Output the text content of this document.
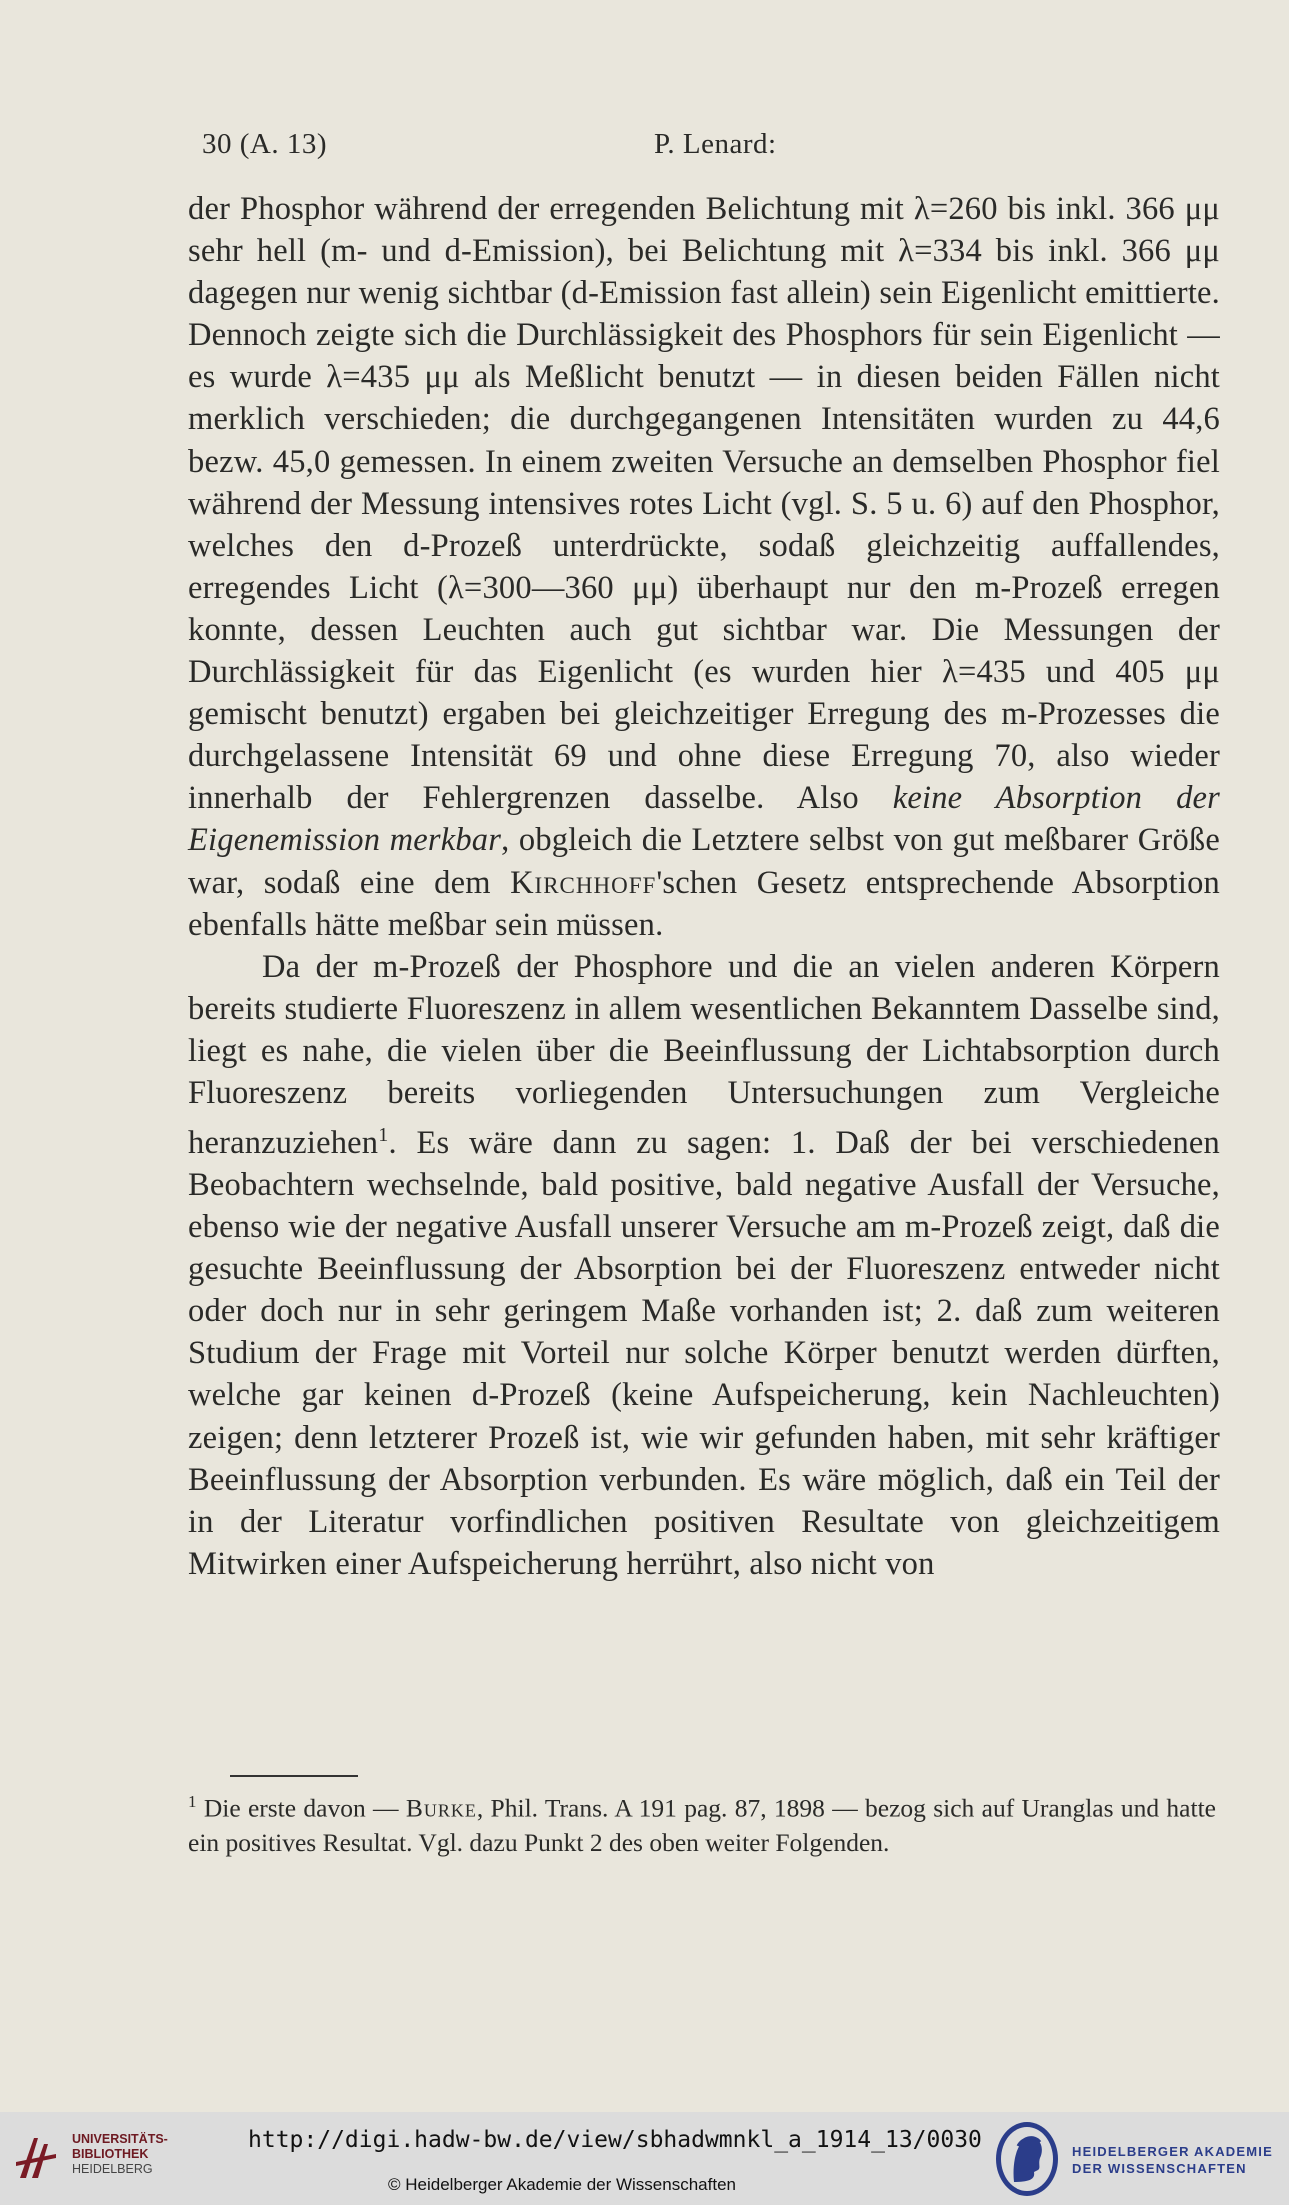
30 (A. 13)	P. Lenard:

der Phosphor während der erregenden Belichtung mit λ=260 bis inkl. 366 μμ sehr hell (m- und d-Emission), bei Belichtung mit λ=334 bis inkl. 366 μμ dagegen nur wenig sichtbar (d-Emission fast allein) sein Eigenlicht emittierte. Dennoch zeigte sich die Durchlässigkeit des Phosphors für sein Eigenlicht — es wurde λ=435 μμ als Meßlicht benutzt — in diesen beiden Fällen nicht merklich verschieden; die durchgegangenen Intensitäten wurden zu 44,6 bezw. 45,0 gemessen. In einem zweiten Versuche an demselben Phosphor fiel während der Messung intensives rotes Licht (vgl. S. 5 u. 6) auf den Phosphor, welches den d-Prozeß unterdrückte, sodaß gleichzeitig auffallendes, erregendes Licht (λ=300—360 μμ) überhaupt nur den m-Prozeß erregen konnte, dessen Leuchten auch gut sichtbar war. Die Messungen der Durchlässigkeit für das Eigenlicht (es wurden hier λ=435 und 405 μμ gemischt benutzt) ergaben bei gleichzeitiger Erregung des m-Prozesses die durchgelassene Intensität 69 und ohne diese Erregung 70, also wieder innerhalb der Fehlergrenzen dasselbe. Also keine Absorption der Eigenemission merkbar, obgleich die Letztere selbst von gut meßbarer Größe war, sodaß eine dem Kirchhoff'schen Gesetz entsprechende Absorption ebenfalls hätte meßbar sein müssen.

Da der m-Prozeß der Phosphore und die an vielen anderen Körpern bereits studierte Fluoreszenz in allem wesentlichen Bekanntem Dasselbe sind, liegt es nahe, die vielen über die Beeinflussung der Lichtabsorption durch Fluoreszenz bereits vorliegenden Untersuchungen zum Vergleiche heranzuziehen$^1$. Es wäre dann zu sagen: 1. Daß der bei verschiedenen Beobachtern wechselnde, bald positive, bald negative Ausfall der Versuche, ebenso wie der negative Ausfall unserer Versuche am m-Prozeß zeigt, daß die gesuchte Beeinflussung der Absorption bei der Fluoreszenz entweder nicht oder doch nur in sehr geringem Maße vorhanden ist; 2. daß zum weiteren Studium der Frage mit Vorteil nur solche Körper benutzt werden dürften, welche gar keinen d-Prozeß (keine Aufspeicherung, kein Nachleuchten) zeigen; denn letzterer Prozeß ist, wie wir gefunden haben, mit sehr kräftiger Beeinflussung der Absorption verbunden. Es wäre möglich, daß ein Teil der in der Literatur vorfindlichen positiven Resultate von gleichzeitigem Mitwirken einer Aufspeicherung herrührt, also nicht von

$^1$ Die erste davon — Burke, Phil. Trans. A 191 pag. 87, 1898 — bezog sich auf Uranglas und hatte ein positives Resultat. Vgl. dazu Punkt 2 des oben weiter Folgenden.
UNIVERSITÄTS-
BIBLIOTHEK
HEIDELBERG
http://digi.hadw-bw.de/view/sbhadwmnkl_a_1914_13/0030
© Heidelberger Akademie der Wissenschaften
HEIDELBERGER AKADEMIE
DER WISSENSCHAFTEN
